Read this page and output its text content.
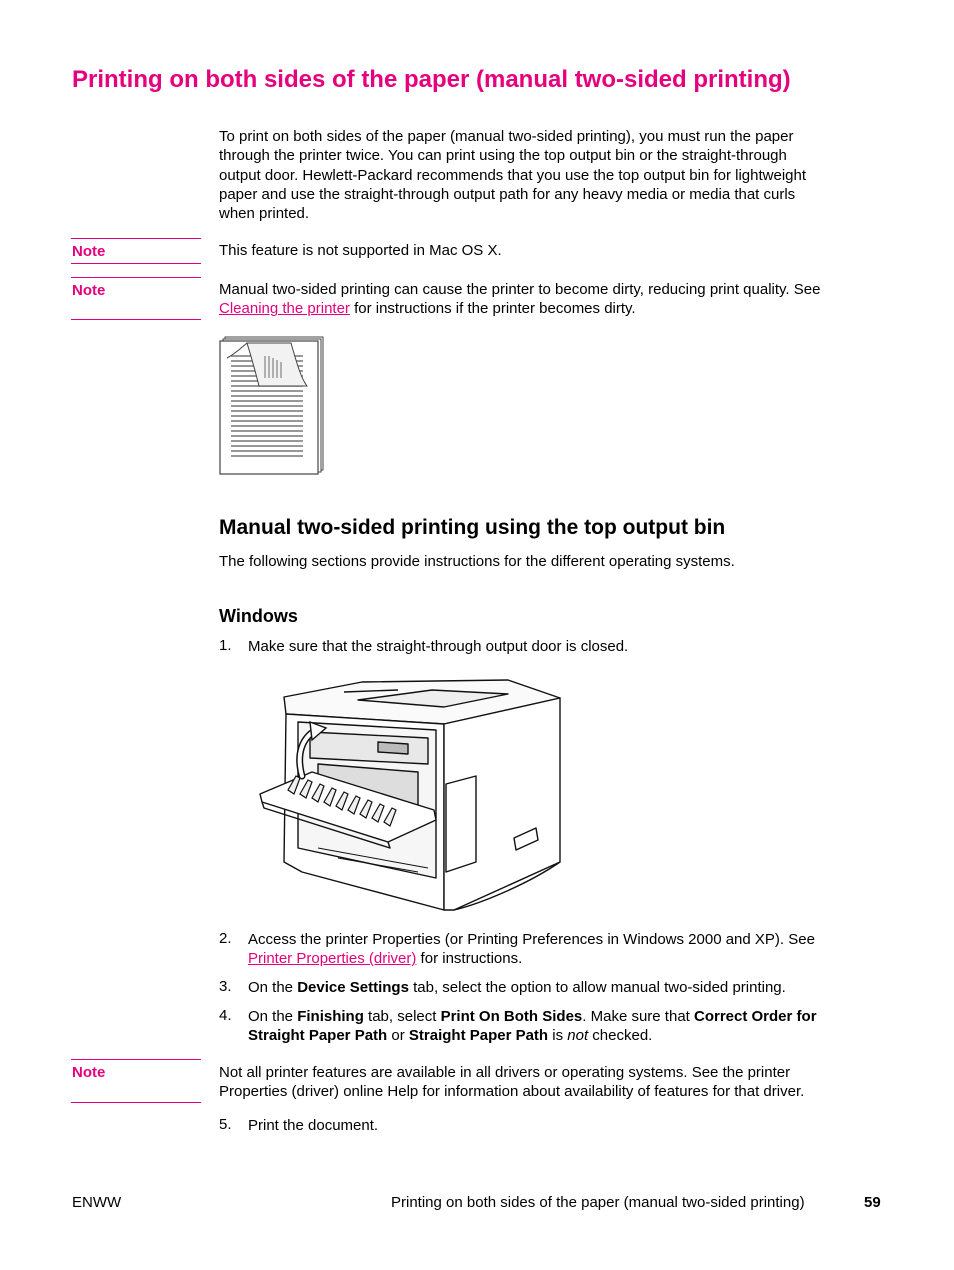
Printing on both sides of the paper (manual two-sided printing)
To print on both sides of the paper (manual two-sided printing), you must run the paper
through the printer twice. You can print using the top output bin or the straight-through
output door. Hewlett-Packard recommends that you use the top output bin for lightweight
paper and use the straight-through output path for any heavy media or media that curls
when printed.
Note	This feature is not supported in Mac OS X.
Note	Manual two-sided printing can cause the printer to become dirty, reducing print quality. See
Cleaning the printer for instructions if the printer becomes dirty.
Manual two-sided printing using the top output bin
The following sections provide instructions for the different operating systems.
Windows
1. Make sure that the straight-through output door is closed.
2. Access the printer Properties (or Printing Preferences in Windows 2000 and XP). See
Printer Properties (driver) for instructions.
3. On the Device Settings tab, select the option to allow manual two-sided printing.
4. On the Finishing tab, select Print On Both Sides. Make sure that Correct Order for
Straight Paper Path or Straight Paper Path is not checked.
Note	Not all printer features are available in all drivers or operating systems. See the printer
Properties (driver) online Help for information about availability of features for that driver.
5. Print the document.
ENWW	Printing on both sides of the paper (manual two-sided printing)	59
